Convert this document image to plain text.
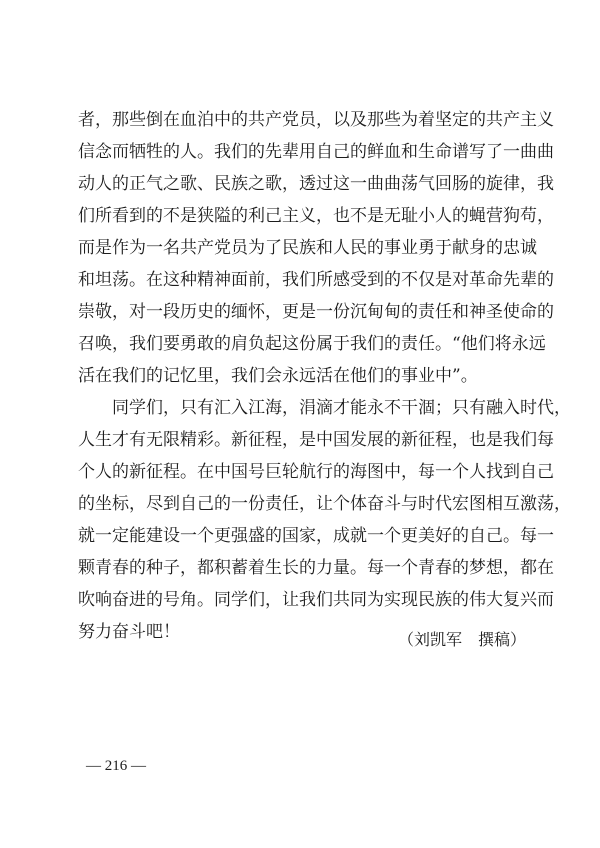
者，那些倒在血泊中的共产党员，以及那些为着坚定的共产主义
信念而牺牲的人。我们的先辈用自己的鲜血和生命谱写了一曲曲
动人的正气之歌、民族之歌，透过这一曲曲荡气回肠的旋律，我
们所看到的不是狭隘的利己主义，也不是无耻小人的蝇营狗苟，
而是作为一名共产党员为了民族和人民的事业勇于献身的忠诚
和坦荡。在这种精神面前，我们所感受到的不仅是对革命先辈的
崇敬，对一段历史的缅怀，更是一份沉甸甸的责任和神圣使命的
召唤，我们要勇敢的肩负起这份属于我们的责任。“他们将永远
活在我们的记忆里，我们会永远活在他们的事业中”。
　　同学们，只有汇入江海，涓滴才能永不干涸；只有融入时代，
人生才有无限精彩。新征程，是中国发展的新征程，也是我们每
个人的新征程。在中国号巨轮航行的海图中，每一个人找到自己
的坐标，尽到自己的一份责任，让个体奋斗与时代宏图相互激荡，
就一定能建设一个更强盛的国家，成就一个更美好的自己。每一
颗青春的种子，都积蓄着生长的力量。每一个青春的梦想，都在
吹响奋进的号角。同学们，让我们共同为实现民族的伟大复兴而
努力奋斗吧！	（刘凯军　撰稿）
— 216 —
